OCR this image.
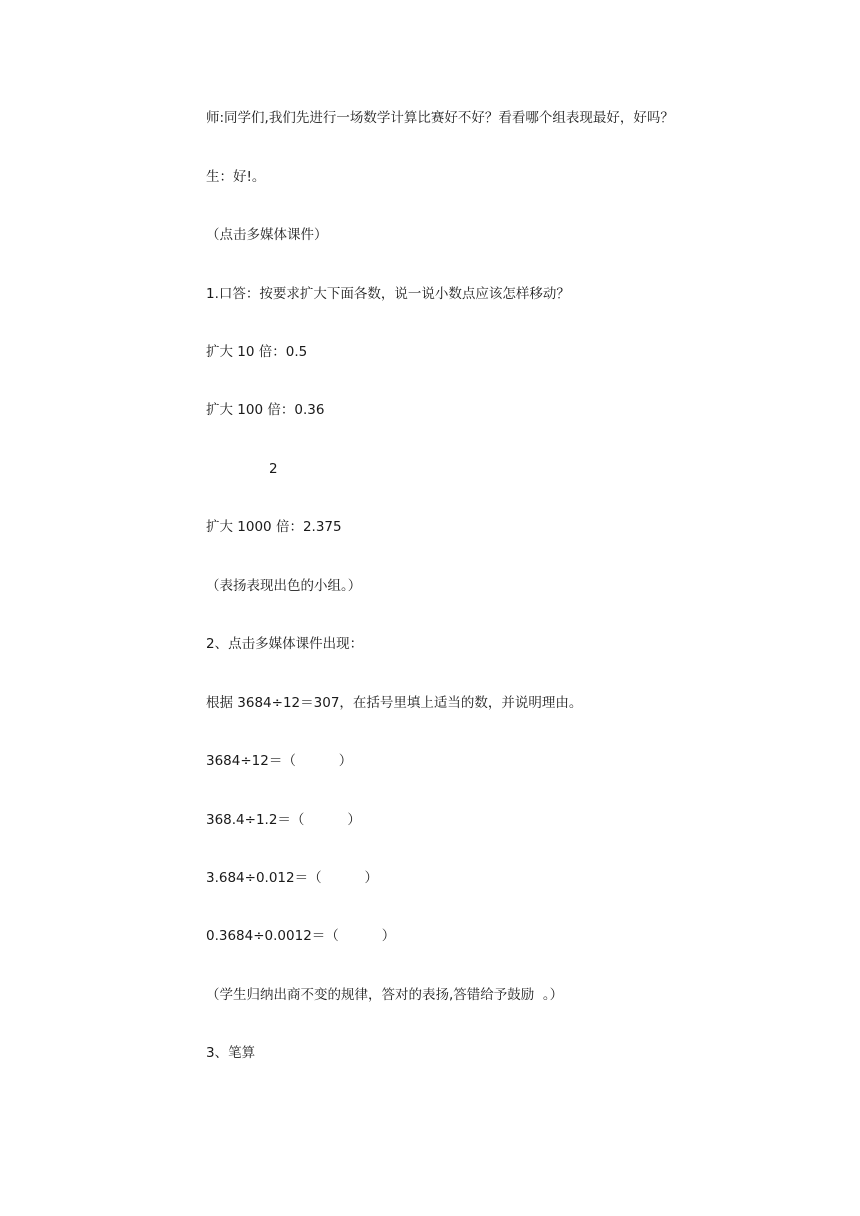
师:同学们,我们先进行一场数学计算比赛好不好？看看哪个组表现最好，好吗？
生：好!。
（点击多媒体课件）
1.口答：按要求扩大下面各数，说一说小数点应该怎样移动？
扩大 10 倍：0.5
扩大 100 倍：0.36
2
扩大 1000 倍：2.375
（表扬表现出色的小组。）
2、点击多媒体课件出现：
根据 3684÷12＝307，在括号里填上适当的数，并说明理由。
3684÷12＝（          ）
368.4÷1.2＝（          ）
3.684÷0.012＝（          ）
0.3684÷0.0012＝（          ）
（学生归纳出商不变的规律，答对的表扬,答错给予鼓励  。）
3、笔算
